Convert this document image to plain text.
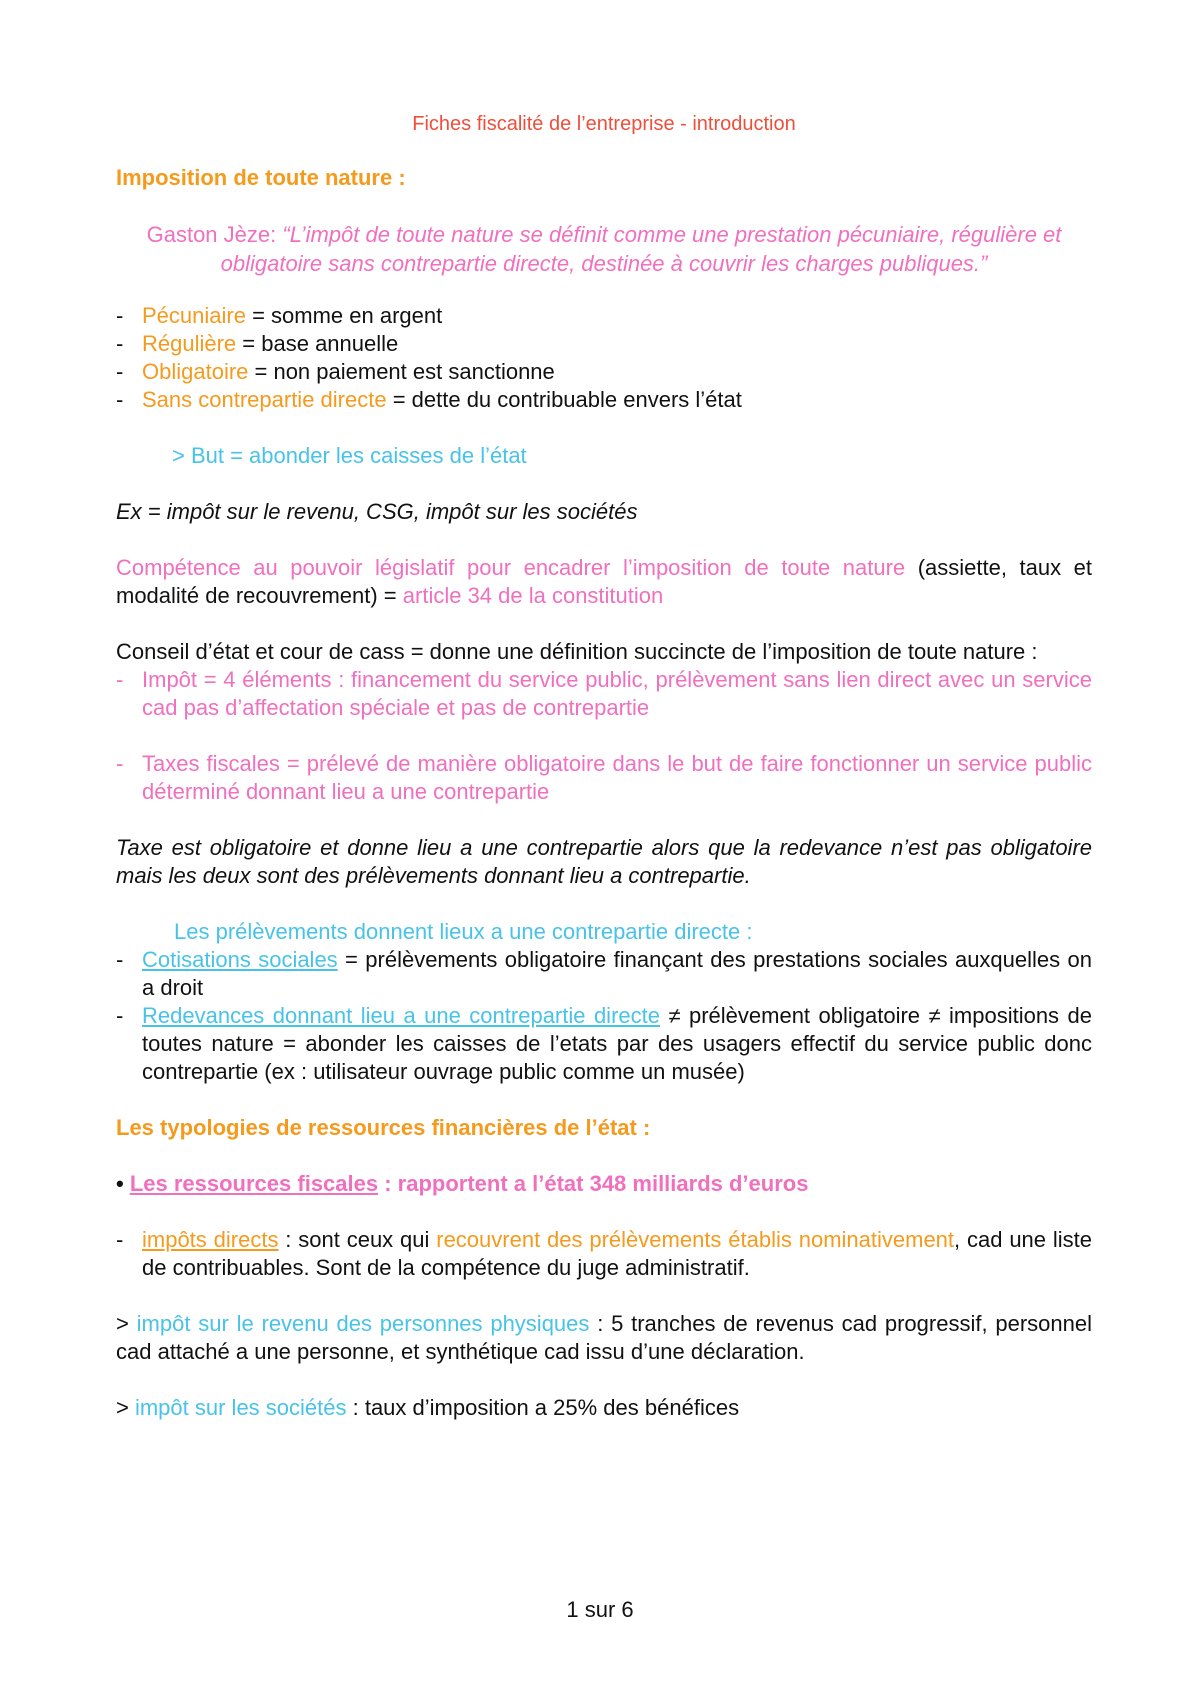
Fiches fiscalité de l’entreprise - introduction

Imposition de toute nature :

Gaston Jèze: “L’impôt de toute nature se définit comme une prestation pécuniaire, régulière et obligatoire sans contrepartie directe, destinée à couvrir les charges publiques.”

- Pécuniaire = somme en argent
- Régulière = base annuelle
- Obligatoire = non paiement est sanctionne
- Sans contrepartie directe = dette du contribuable envers l’état

> But = abonder les caisses de l’état

Ex = impôt sur le revenu, CSG, impôt sur les sociétés

Compétence au pouvoir législatif pour encadrer l’imposition de toute nature (assiette, taux et modalité de recouvrement) = article 34 de la constitution

Conseil d’état et cour de cass = donne une définition succincte de l’imposition de toute nature :

- Impôt = 4 éléments : financement du service public, prélèvement sans lien direct avec un service cad pas d’affectation spéciale et pas de contrepartie
- Taxes fiscales = prélevé de manière obligatoire dans le but de faire fonctionner un service public déterminé donnant lieu a une contrepartie

Taxe est obligatoire et donne lieu a une contrepartie alors que la redevance n’est pas obligatoire mais les deux sont des prélèvements donnant lieu a contrepartie.

Les prélèvements donnent lieux a une contrepartie directe :

- Cotisations sociales = prélèvements obligatoire finançant des prestations sociales auxquelles on a droit
- Redevances donnant lieu a une contrepartie directe ≠ prélèvement obligatoire ≠ impositions de toutes nature = abonder les caisses de l’etats par des usagers effectif du service public donc contrepartie (ex : utilisateur ouvrage public comme un musée)

Les typologies de ressources financières de l’état :

• Les ressources fiscales : rapportent a l’état 348 milliards d’euros

- impôts directs : sont ceux qui recouvrent des prélèvements établis nominativement, cad une liste de contribuables. Sont de la compétence du juge administratif.

> impôt sur le revenu des personnes physiques : 5 tranches de revenus cad progressif, personnel cad attaché a une personne, et synthétique cad issu d’une déclaration.

> impôt sur les sociétés : taux d’imposition a 25% des bénéfices

1 sur 6
